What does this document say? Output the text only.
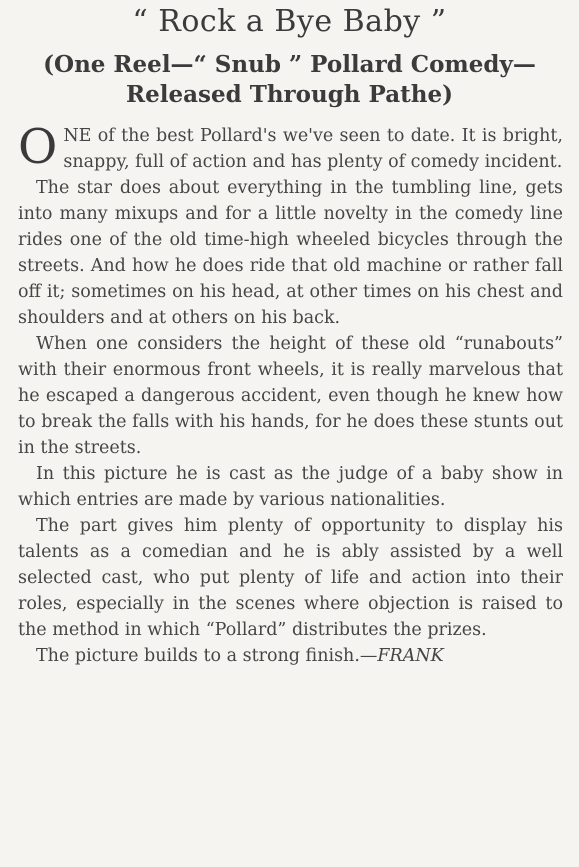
“ Rock a Bye Baby ”
(One Reel—“ Snub ” Pollard Comedy—
Released Through Pathe)

ONE of the best Pollard's we've seen to date. It is bright, snappy, full of action and has plenty of comedy incident.

The star does about everything in the tumbling line, gets into many mixups and for a little novelty in the comedy line rides one of the old time-high wheeled bicycles through the streets. And how he does ride that old machine or rather fall off it; sometimes on his head, at other times on his chest and shoulders and at others on his back.

When one considers the height of these old “runabouts” with their enormous front wheels, it is really marvelous that he escaped a dangerous accident, even though he knew how to break the falls with his hands, for he does these stunts out in the streets.

In this picture he is cast as the judge of a baby show in which entries are made by various nationalities.

The part gives him plenty of opportunity to display his talents as a comedian and he is ably assisted by a well selected cast, who put plenty of life and action into their roles, especially in the scenes where objection is raised to the method in which “Pollard” distributes the prizes.

The picture builds to a strong finish.—FRANK
